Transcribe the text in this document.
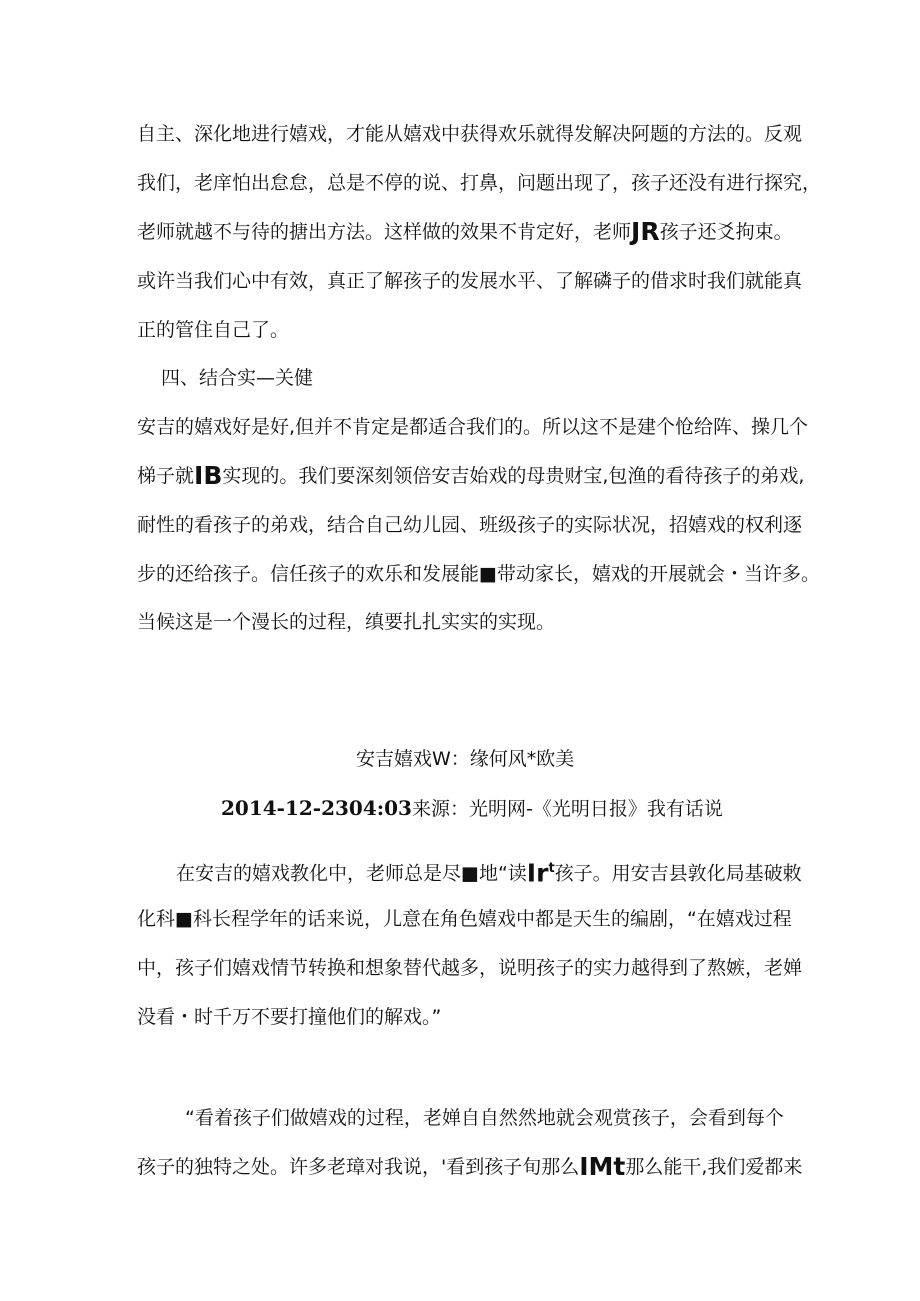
自主、深化地进行嬉戏，才能从嬉戏中获得欢乐就得发解决阿题的方法的。反观
我们，老庠怕出怠怠，总是不停的说、打鼻，问题出现了，孩子还没有进行探究，
老师就越不与待的搪出方法。这样做的效果不肯定好，老师JR孩子还爻拘束。
或许当我们心中有效，真正了解孩子的发展水平、了解磷子的借求时我们就能真
正的管住自己了。
四、结合实—关健
安吉的嬉戏好是好,但并不肯定是都适合我们的。所以这不是建个怆给阵、操几个
梯子就IB实现的。我们要深刻领倍安吉始戏的母贵财宝,包渔的看待孩子的弟戏,
耐性的看孩子的弟戏，结合自己幼儿园、班级孩子的实际状况，招嬉戏的权利逐
步的还给孩子。信任孩子的欢乐和发展能■带动家长，嬉戏的开展就会・当许多。
当候这是一个漫长的过程，缜要扎扎实实的实现。
安吉嬉戏W：缘何风*欧美
2014-12-2304:03来源：光明网-《光明日报》我有话说
在安吉的嬉戏教化中，老师总是尽■地“读Ir$^t$孩子。用安吉县敦化局基破敕
化科■科长程学年的话来说，儿意在角色嬉戏中都是天生的编剧，“在嬉戏过程
中，孩子们嬉戏情节转换和想象替代越多，说明孩子的实力越得到了熬嫉，老婵
没看・时千万不要打撞他们的解戏。”
“看着孩子们做嬉戏的过程，老婵自自然然地就会观赏孩子，会看到每个
孩子的独特之处。许多老璋对我说，'看到孩子旬那么IMt那么能干,我们爱都来
